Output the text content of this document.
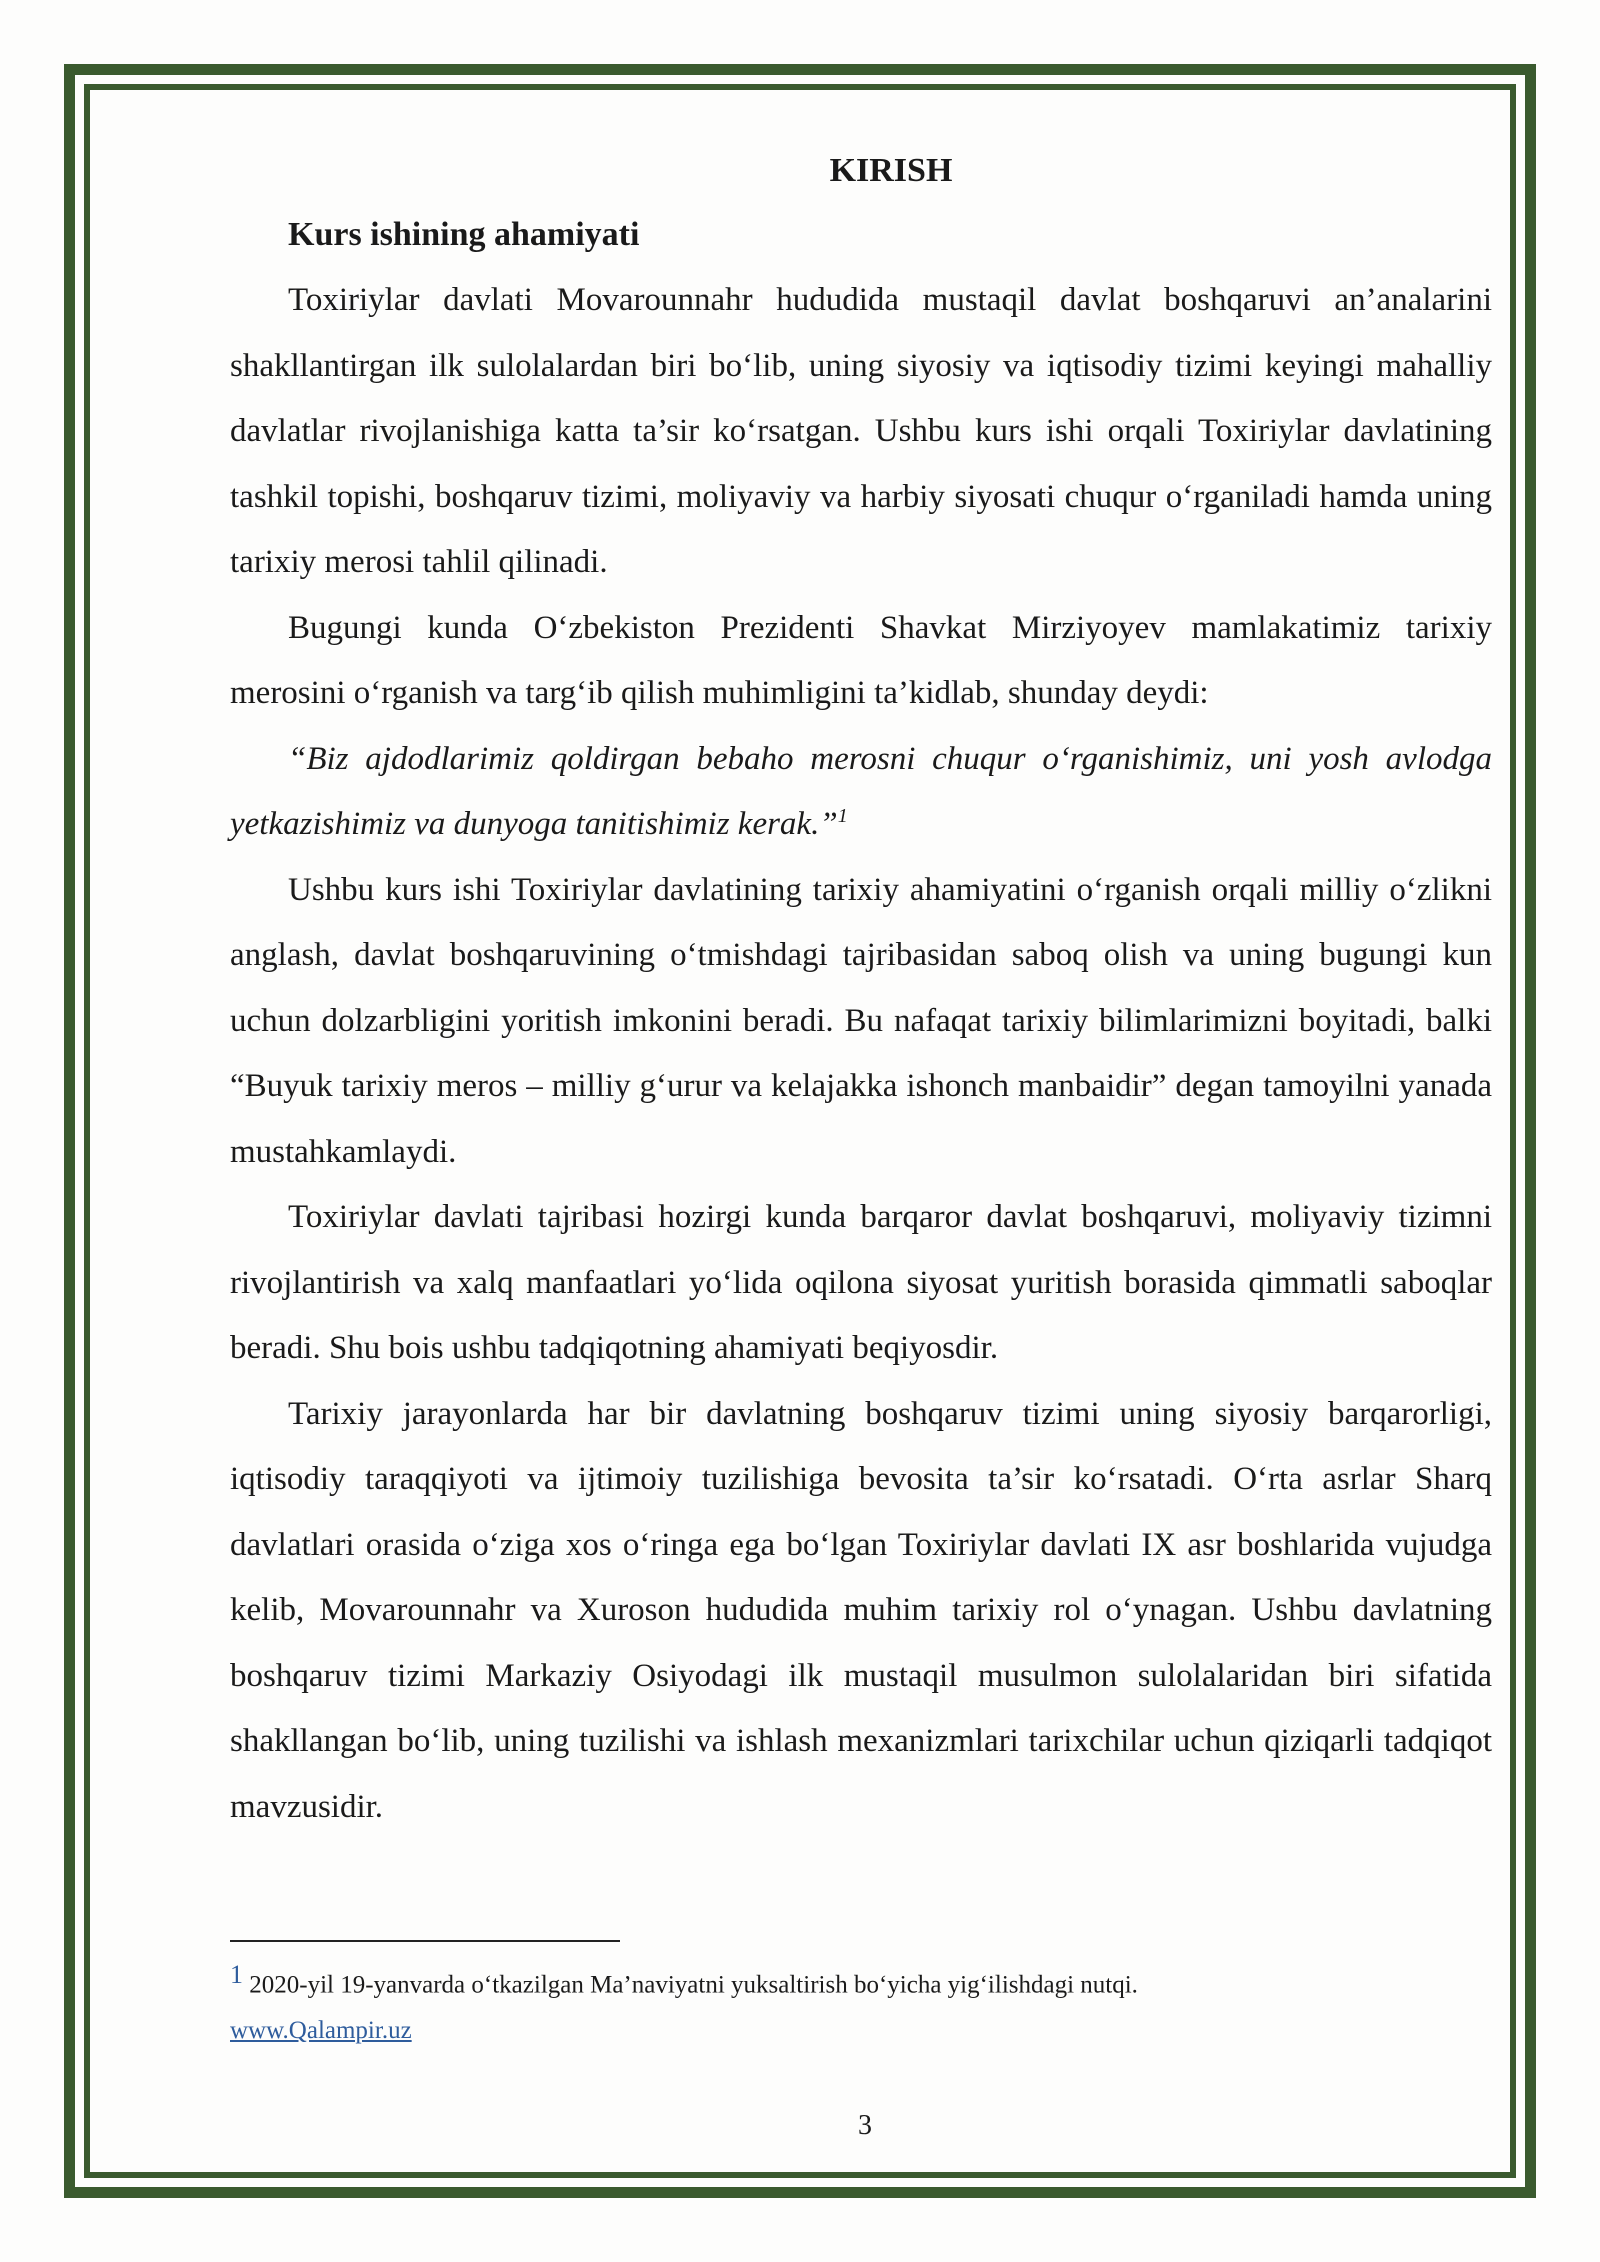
KIRISH
Kurs ishining ahamiyati

Toxiriylar davlati Movarounnahr hududida mustaqil davlat boshqaruvi an’analarini shakllantirgan ilk sulolalardan biri bo‘lib, uning siyosiy va iqtisodiy tizimi keyingi mahalliy davlatlar rivojlanishiga katta ta’sir ko‘rsatgan. Ushbu kurs ishi orqali Toxiriylar davlatining tashkil topishi, boshqaruv tizimi, moliyaviy va harbiy siyosati chuqur o‘rganiladi hamda uning tarixiy merosi tahlil qilinadi.

Bugungi kunda O‘zbekiston Prezidenti Shavkat Mirziyoyev mamlakatimiz tarixiy merosini o‘rganish va targ‘ib qilish muhimligini ta’kidlab, shunday deydi:

“Biz ajdodlarimiz qoldirgan bebaho merosni chuqur o‘rganishimiz, uni yosh avlodga yetkazishimiz va dunyoga tanitishimiz kerak.”$^1$

Ushbu kurs ishi Toxiriylar davlatining tarixiy ahamiyatini o‘rganish orqali milliy o‘zlikni anglash, davlat boshqaruvining o‘tmishdagi tajribasidan saboq olish va uning bugungi kun uchun dolzarbligini yoritish imkonini beradi. Bu nafaqat tarixiy bilimlarimizni boyitadi, balki “Buyuk tarixiy meros – milliy g‘urur va kelajakka ishonch manbaidir” degan tamoyilni yanada mustahkamlaydi.

Toxiriylar davlati tajribasi hozirgi kunda barqaror davlat boshqaruvi, moliyaviy tizimni rivojlantirish va xalq manfaatlari yo‘lida oqilona siyosat yuritish borasida qimmatli saboqlar beradi. Shu bois ushbu tadqiqotning ahamiyati beqiyosdir.

Tarixiy jarayonlarda har bir davlatning boshqaruv tizimi uning siyosiy barqarorligi, iqtisodiy taraqqiyoti va ijtimoiy tuzilishiga bevosita ta’sir ko‘rsatadi. O‘rta asrlar Sharq davlatlari orasida o‘ziga xos o‘ringa ega bo‘lgan Toxiriylar davlati IX asr boshlarida vujudga kelib, Movarounnahr va Xuroson hududida muhim tarixiy rol o‘ynagan. Ushbu davlatning boshqaruv tizimi Markaziy Osiyodagi ilk mustaqil musulmon sulolalaridan biri sifatida shakllangan bo‘lib, uning tuzilishi va ishlash mexanizmlari tarixchilar uchun qiziqarli tadqiqot mavzusidir.

$^1$ 2020-yil 19-yanvarda o‘tkazilgan Ma’naviyatni yuksaltirish bo‘yicha yig‘ilishdagi nutqi.
www.Qalampir.uz
3
